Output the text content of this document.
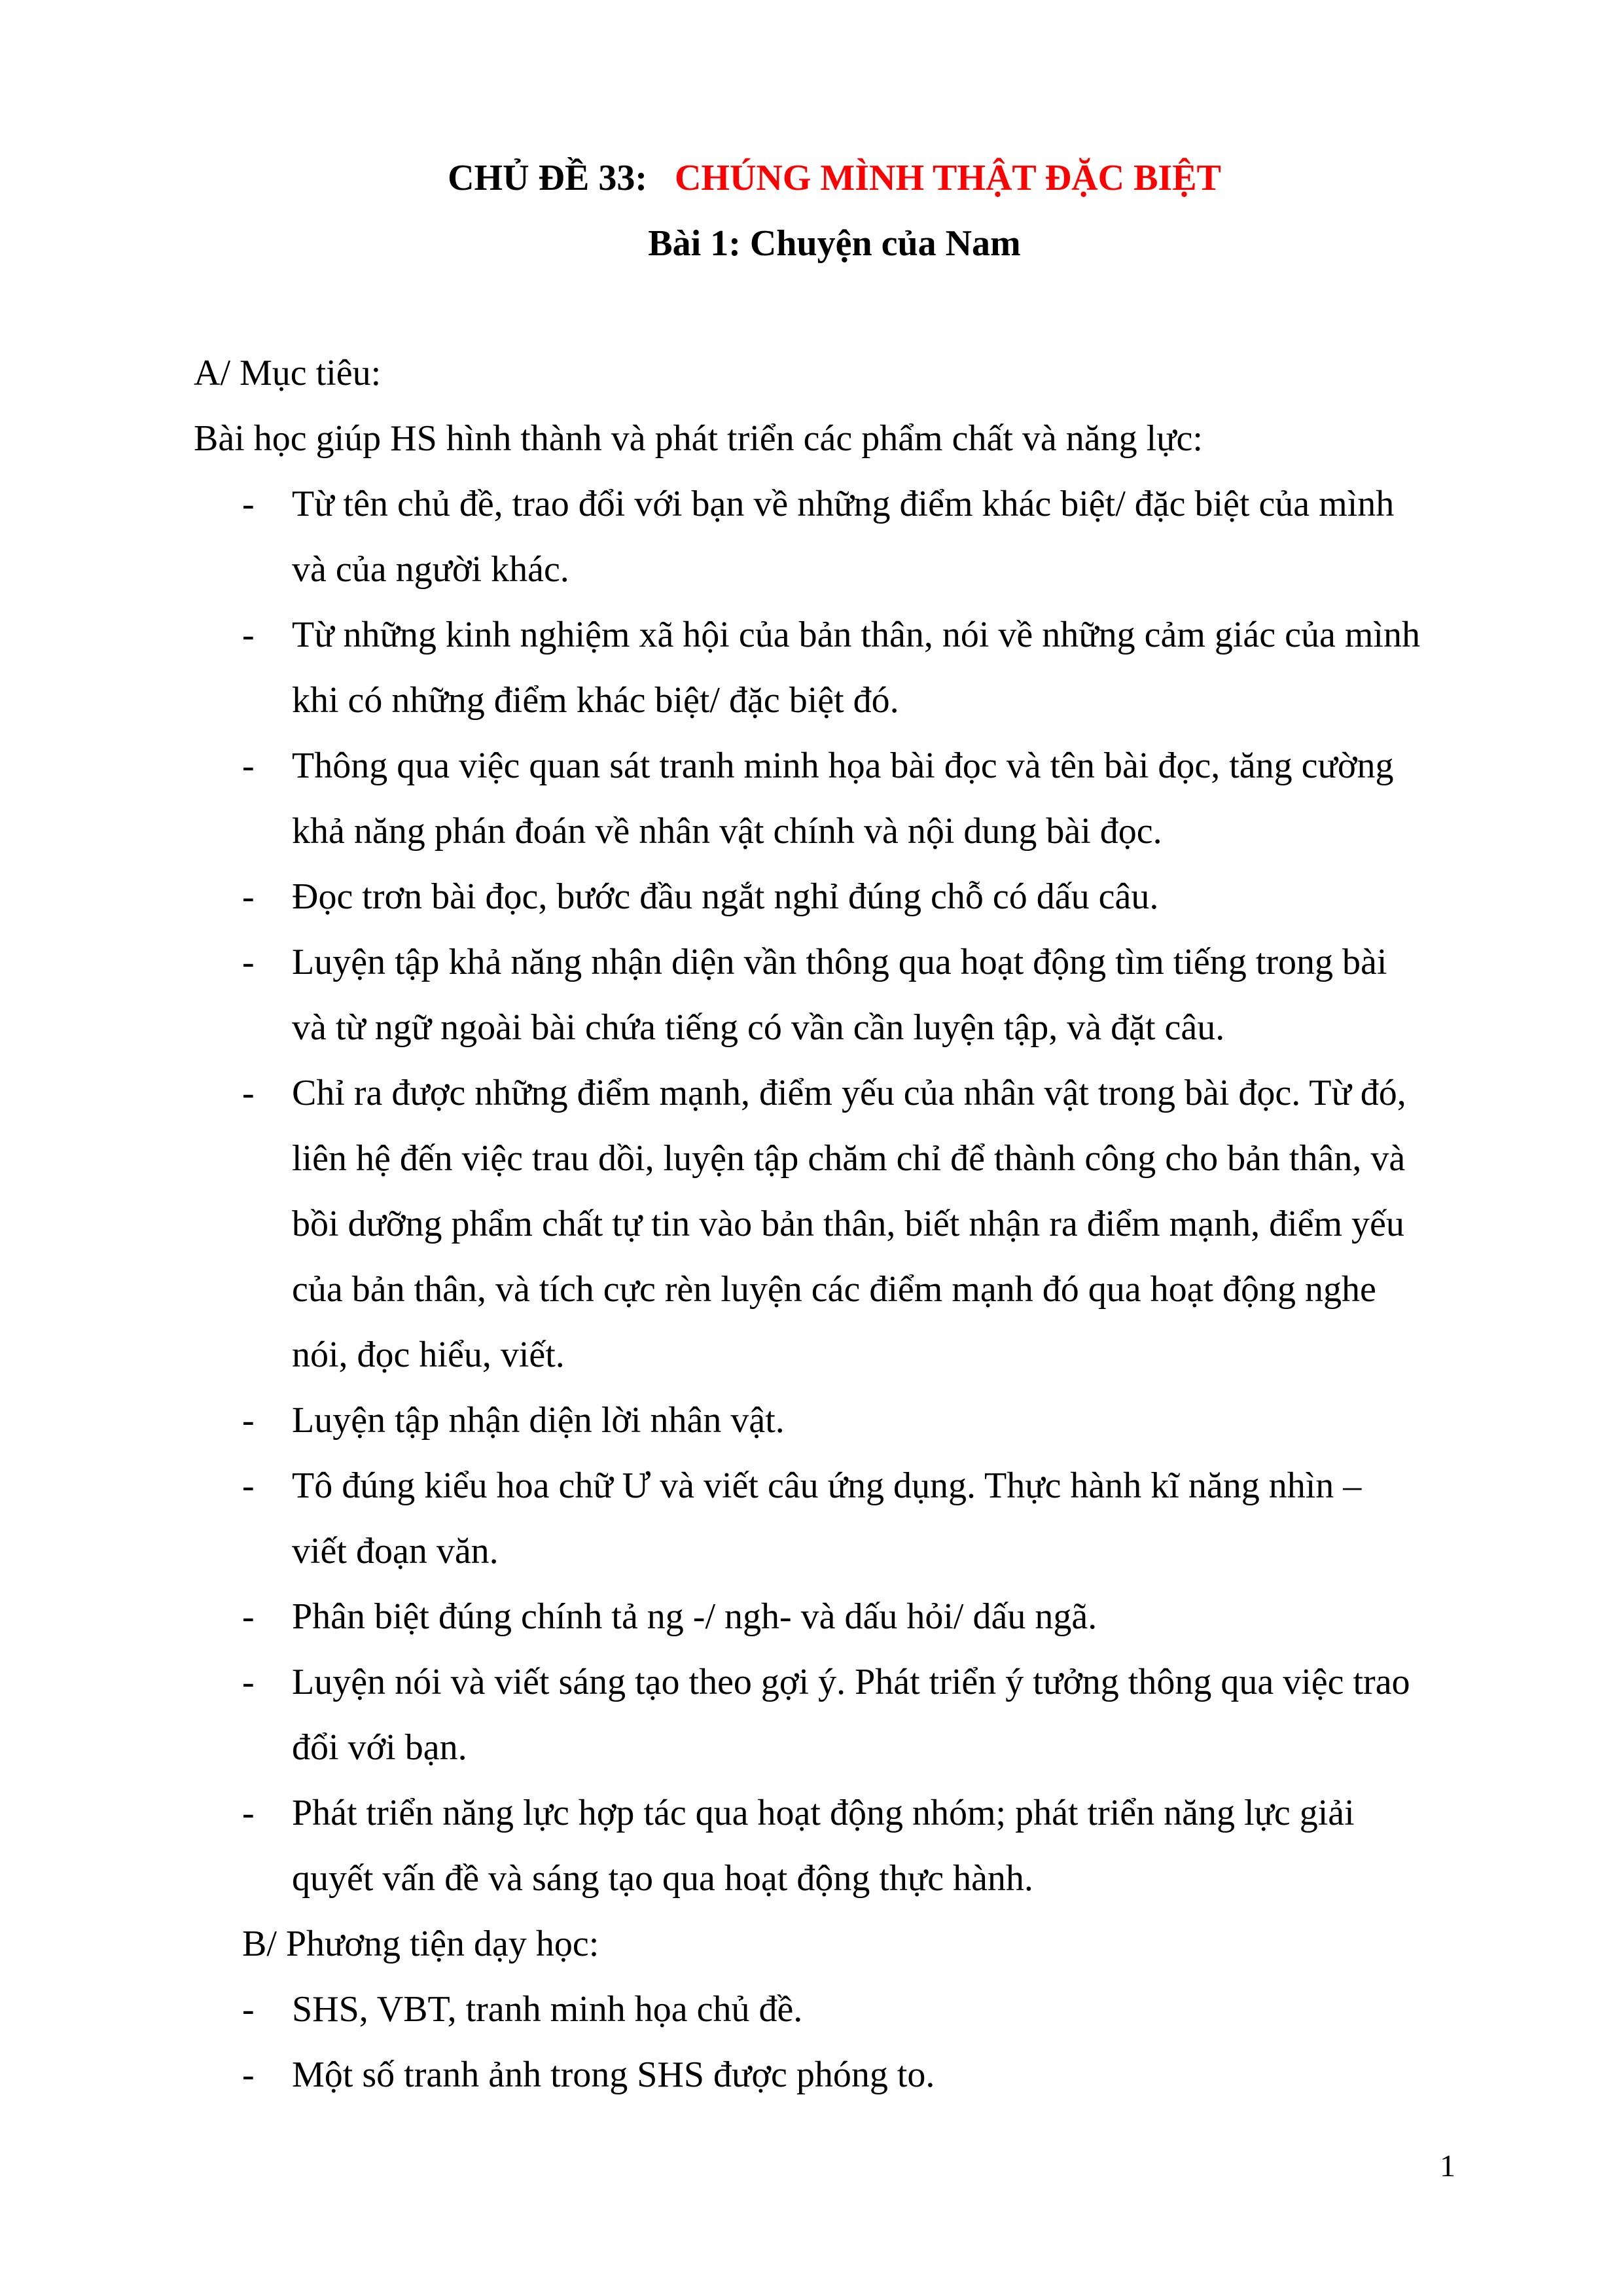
CHỦ ĐỀ 33: CHÚNG MÌNH THẬT ĐẶC BIỆT
Bài 1: Chuyện của Nam
A/ Mục tiêu:
Bài học giúp HS hình thành và phát triển các phẩm chất và năng lực:
- Từ tên chủ đề, trao đổi với bạn về những điểm khác biệt/ đặc biệt của mình
và của người khác.
- Từ những kinh nghiệm xã hội của bản thân, nói về những cảm giác của mình
khi có những điểm khác biệt/ đặc biệt đó.
- Thông qua việc quan sát tranh minh họa bài đọc và tên bài đọc, tăng cường
khả năng phán đoán về nhân vật chính và nội dung bài đọc.
- Đọc trơn bài đọc, bước đầu ngắt nghỉ đúng chỗ có dấu câu.
- Luyện tập khả năng nhận diện vần thông qua hoạt động tìm tiếng trong bài
và từ ngữ ngoài bài chứa tiếng có vần cần luyện tập, và đặt câu.
- Chỉ ra được những điểm mạnh, điểm yếu của nhân vật trong bài đọc. Từ đó,
liên hệ đến việc trau dồi, luyện tập chăm chỉ để thành công cho bản thân, và
bồi dưỡng phẩm chất tự tin vào bản thân, biết nhận ra điểm mạnh, điểm yếu
của bản thân, và tích cực rèn luyện các điểm mạnh đó qua hoạt động nghe
nói, đọc hiểu, viết.
- Luyện tập nhận diện lời nhân vật.
- Tô đúng kiểu hoa chữ Ư và viết câu ứng dụng. Thực hành kĩ năng nhìn –
viết đoạn văn.
- Phân biệt đúng chính tả ng -/ ngh- và dấu hỏi/ dấu ngã.
- Luyện nói và viết sáng tạo theo gợi ý. Phát triển ý tưởng thông qua việc trao
đổi với bạn.
- Phát triển năng lực hợp tác qua hoạt động nhóm; phát triển năng lực giải
quyết vấn đề và sáng tạo qua hoạt động thực hành.
B/ Phương tiện dạy học:
- SHS, VBT, tranh minh họa chủ đề.
- Một số tranh ảnh trong SHS được phóng to.
1
